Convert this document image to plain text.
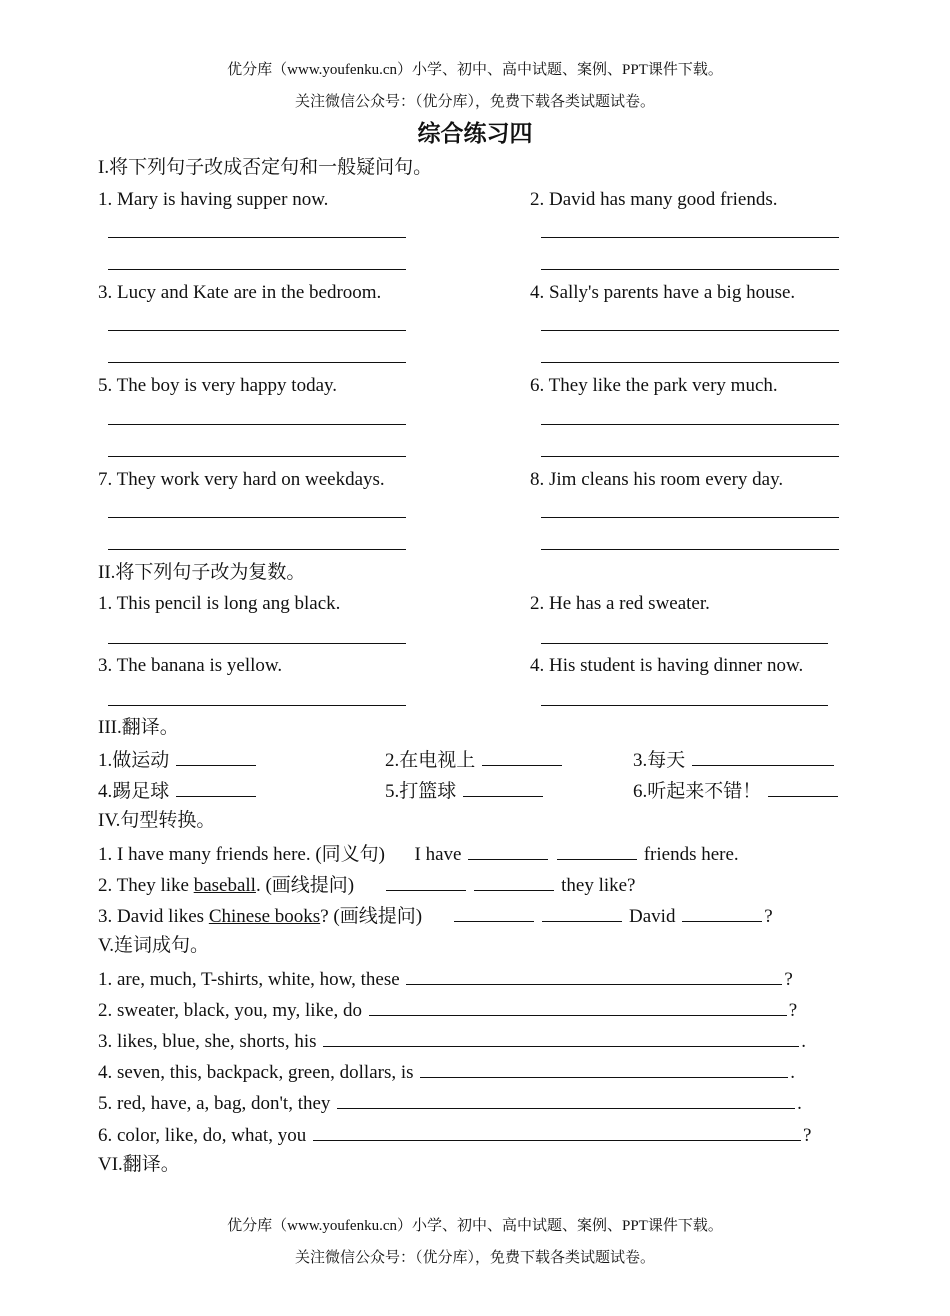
优分库（www.youfenku.cn）小学、初中、高中试题、案例、PPT课件下载。
关注微信公众号：（优分库），免费下载各类试题试卷。
综合练习四
I.将下列句子改成否定句和一般疑问句。
1. Mary is having supper now.	2. David has many good friends.
3. Lucy and Kate are in the bedroom.	4. Sally's parents have a big house.
5. The boy is very happy today.	6. They like the park very much.
7. They work very hard on weekdays.	8. Jim cleans his room every day.
II.将下列句子改为复数。
1. This pencil is long ang black.	2. He has a red sweater.
3. The banana is yellow.	4. His student is having dinner now.
III.翻译。
1.做运动	2.在电视上	3.每天
4.踢足球	5.打篮球	6.听起来不错！
IV.句型转换。
1. I have many friends here. (同义句) I have	friends here.
2. They like baseball. (画线提问)	they like?
3. David likes Chinese books? (画线提问)	David	?
V.连词成句。
1. are, much, T-shirts, white, how, these	?
2. sweater, black, you, my, like, do	?
3. likes, blue, she, shorts, his	.
4. seven, this, backpack, green, dollars, is	.
5. red, have, a, bag, don't, they	.
6. color, like, do, what, you	?
VI.翻译。
优分库（www.youfenku.cn）小学、初中、高中试题、案例、PPT课件下载。
关注微信公众号：（优分库），免费下载各类试题试卷。
